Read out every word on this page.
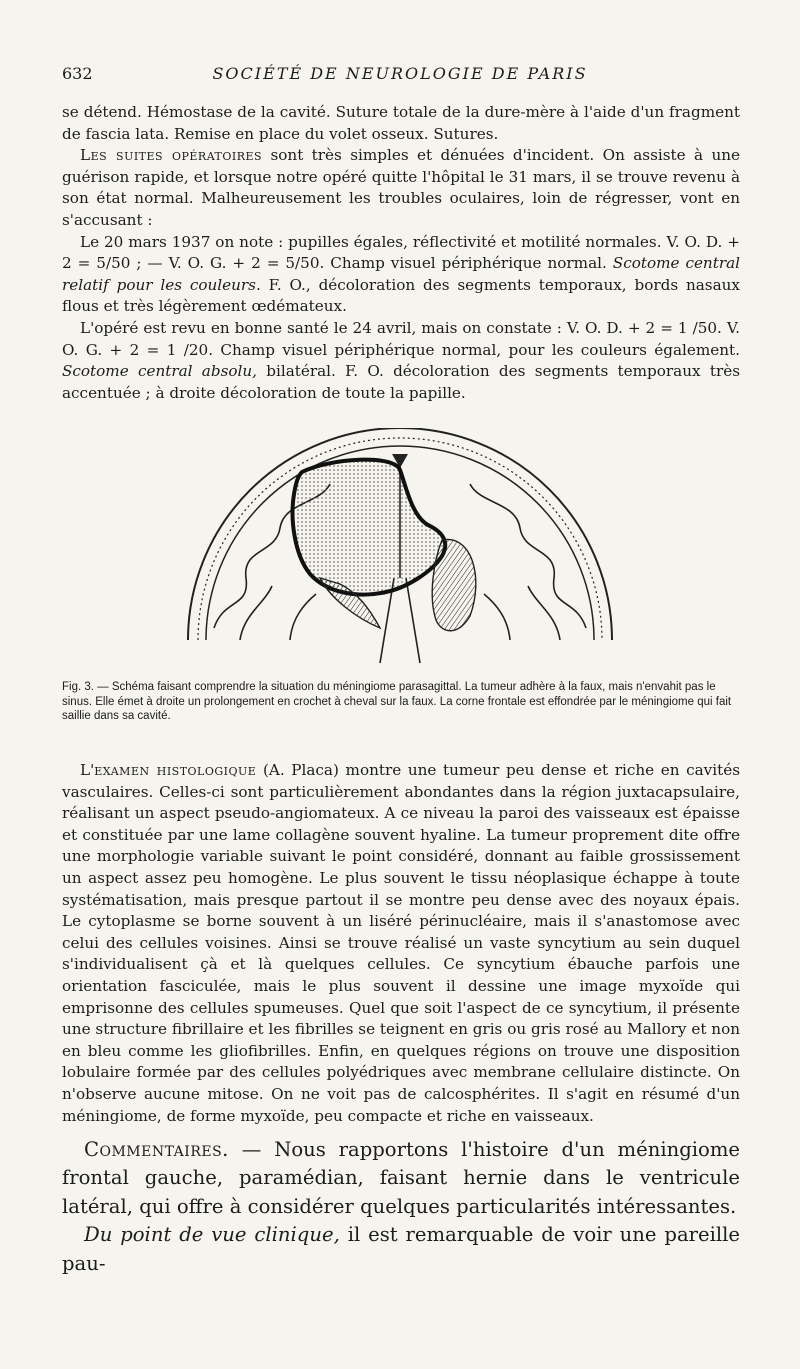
632	SOCIÉTÉ DE NEUROLOGIE DE PARIS

se détend. Hémostase de la cavité. Suture totale de la dure-mère à l'aide d'un fragment de fascia lata. Remise en place du volet osseux. Sutures.

Les suites opératoires sont très simples et dénuées d'incident. On assiste à une guérison rapide, et lorsque notre opéré quitte l'hôpital le 31 mars, il se trouve revenu à son état normal. Malheureusement les troubles oculaires, loin de régresser, vont en s'accusant :

Le 20 mars 1937 on note : pupilles égales, réflectivité et motilité normales. V. O. D. + 2 = 5/50 ; — V. O. G. + 2 = 5/50. Champ visuel périphérique normal. Scotome central relatif pour les couleurs. F. O., décoloration des segments temporaux, bords nasaux flous et très légèrement œdémateux.

L'opéré est revu en bonne santé le 24 avril, mais on constate : V. O. D. + 2 = 1 /50. V. O. G. + 2 = 1 /20. Champ visuel périphérique normal, pour les couleurs également. Scotome central absolu, bilatéral. F. O. décoloration des segments temporaux très accentuée ; à droite décoloration de toute la papille.

Fig. 3. — Schéma faisant comprendre la situation du méningiome parasagittal. La tumeur adhère à la faux, mais n'envahit pas le sinus. Elle émet à droite un prolongement en crochet à cheval sur la faux. La corne frontale est effondrée par le méningiome qui fait saillie dans sa cavité.

L'examen histologique (A. Placa) montre une tumeur peu dense et riche en cavités vasculaires. Celles-ci sont particulièrement abondantes dans la région juxtacapsulaire, réalisant un aspect pseudo-angiomateux. A ce niveau la paroi des vaisseaux est épaisse et constituée par une lame collagène souvent hyaline. La tumeur proprement dite offre une morphologie variable suivant le point considéré, donnant au faible grossissement un aspect assez peu homogène. Le plus souvent le tissu néoplasique échappe à toute systématisation, mais presque partout il se montre peu dense avec des noyaux épais. Le cytoplasme se borne souvent à un liséré périnucléaire, mais il s'anastomose avec celui des cellules voisines. Ainsi se trouve réalisé un vaste syncytium au sein duquel s'individualisent çà et là quelques cellules. Ce syncytium ébauche parfois une orientation fasciculée, mais le plus souvent il dessine une image myxoïde qui emprisonne des cellules spumeuses. Quel que soit l'aspect de ce syncytium, il présente une structure fibrillaire et les fibrilles se teignent en gris ou gris rosé au Mallory et non en bleu comme les gliofibrilles. Enfin, en quelques régions on trouve une disposition lobulaire formée par des cellules polyédriques avec membrane cellulaire distincte. On n'observe aucune mitose. On ne voit pas de calcosphérites. Il s'agit en résumé d'un méningiome, de forme myxoïde, peu compacte et riche en vaisseaux.

Commentaires. — Nous rapportons l'histoire d'un méningiome frontal gauche, paramédian, faisant hernie dans le ventricule latéral, qui offre à considérer quelques particularités intéressantes.

Du point de vue clinique, il est remarquable de voir une pareille pau-
